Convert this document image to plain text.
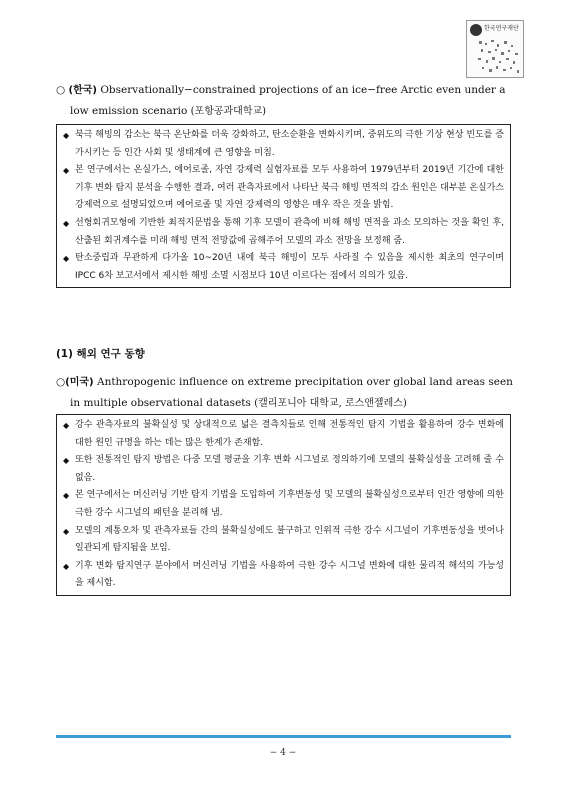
한국연구재단
○ (한국) Observationally−constrained projections of an ice−free Arctic even under a
low emission scenario (포항공과대학교)
◆ 북극 해빙의 감소는 북극 온난화를 더욱 강화하고, 탄소순환을 변화시키며, 중위도의 극한 기상 현상 빈도를 증가시키는 등 인간 사회 및 생태계에 큰 영향을 미침.
◆ 본 연구에서는 온실가스, 에어로졸, 자연 강제력 실험자료를 모두 사용하여 1979년부터 2019년 기간에 대한 기후 변화 탐지 분석을 수행한 결과, 여러 관측자료에서 나타난 북극 해빙 면적의 감소 원인은 대부분 온실가스 강제력으로 설명되었으며 에어로졸 및 자연 강제력의 영향은 매우 작은 것을 밝힘.
◆ 선형회귀모형에 기반한 최적지문법을 통해 기후 모델이 관측에 비해 해빙 면적을 과소 모의하는 것을 확인 후, 산출된 회귀계수를 미래 해빙 면적 전망값에 곱해주어 모델의 과소 전망을 보정해 줌.
◆ 탄소중립과 무관하게 다가올 10~20년 내에 북극 해빙이 모두 사라질 수 있음을 제시한 최초의 연구이며 IPCC 6차 보고서에서 제시한 해빙 소멸 시점보다 10년 이르다는 점에서 의의가 있음.
(1) 해외 연구 동향
○(미국) Anthropogenic influence on extreme precipitation over global land areas seen
in multiple observational datasets (캘리포니아 대학교, 로스앤젤레스)
◆ 강수 관측자료의 불확실성 및 상대적으로 넓은 결측치들로 인해 전통적인 탐지 기법을 활용하여 강수 변화에 대한 원인 규명을 하는 데는 많은 한계가 존재함.
◆ 또한 전통적인 탐지 방법은 다중 모델 평균을 기후 변화 시그널로 정의하기에 모델의 불확실성을 고려해 줄 수 없음.
◆ 본 연구에서는 머신러닝 기반 탐지 기법을 도입하여 기후변동성 및 모델의 불확실성으로부터 인간 영향에 의한 극한 강수 시그널의 패턴을 분리해 냄.
◆ 모델의 계통오차 및 관측자료들 간의 불확실성에도 불구하고 인위적 극한 강수 시그널이 기후변동성을 벗어나 일관되게 탐지됨을 보임.
◆ 기후 변화 탐지연구 분야에서 머신러닝 기법을 사용하여 극한 강수 시그널 변화에 대한 물리적 해석의 가능성을 제시함.
− 4 −
